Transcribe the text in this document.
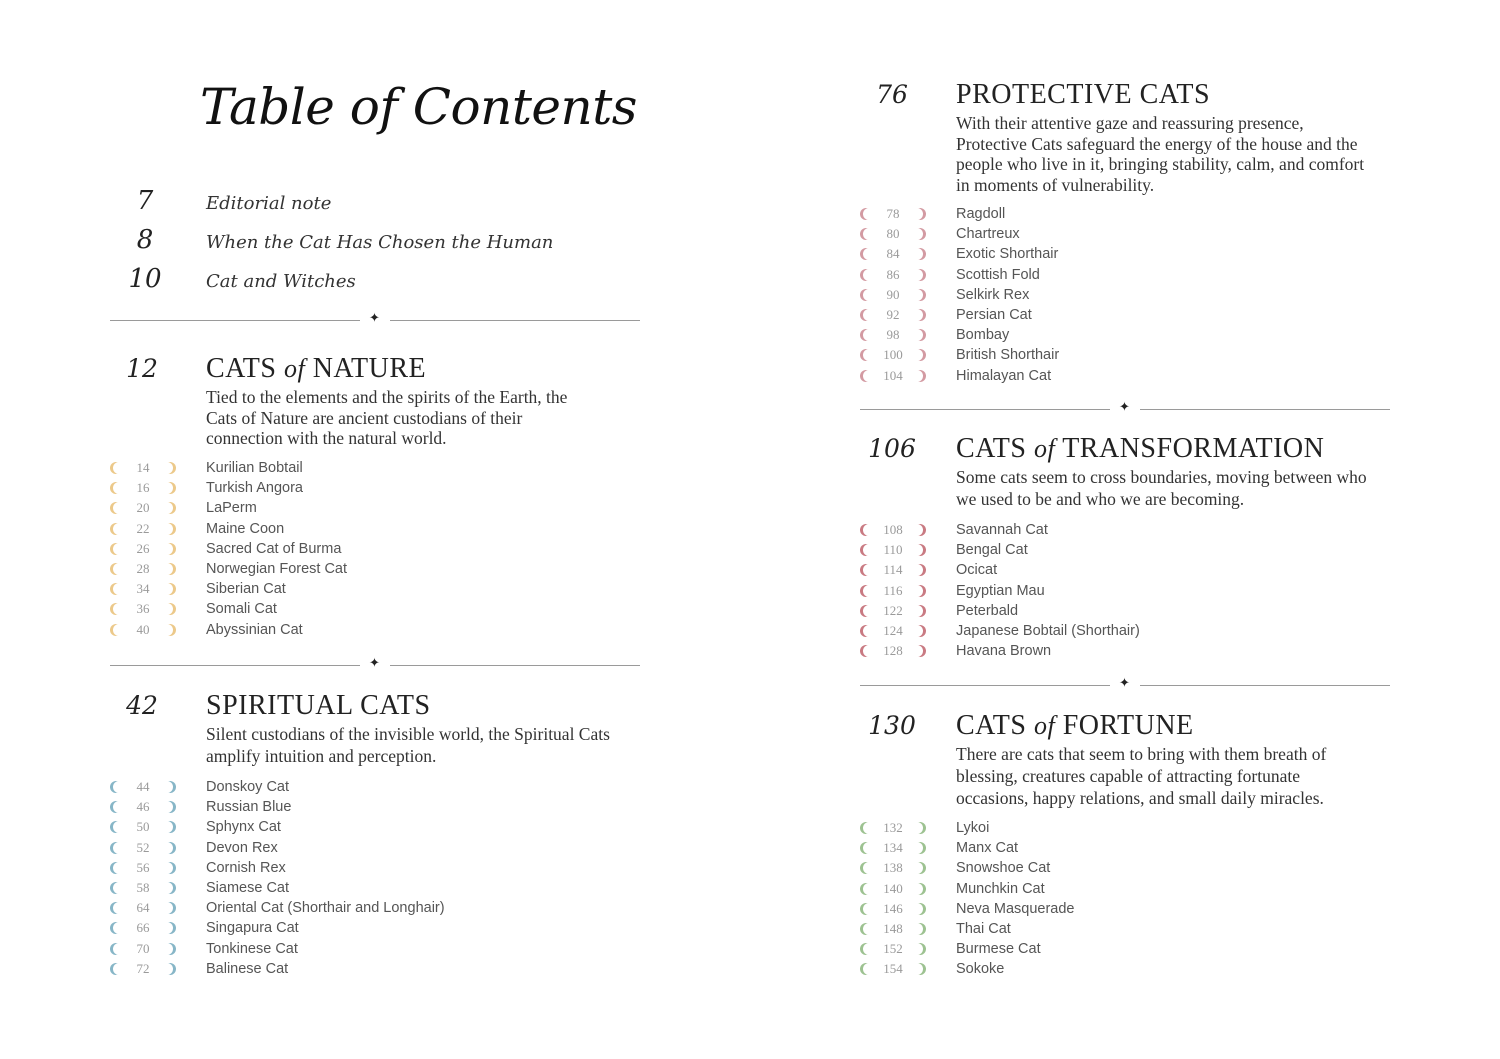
Table of Contents
7	Editorial note
8	When the Cat Has Chosen the Human
10	Cat and Witches
✦
12	CATS of NATURE

Tied to the elements and the spirits of the Earth, the Cats of Nature are ancient custodians of their connection with the natural world.

14	Kurilian Bobtail
16	Turkish Angora
20	LaPerm
22	Maine Coon
26	Sacred Cat of Burma
28	Norwegian Forest Cat
34	Siberian Cat
36	Somali Cat
40	Abyssinian Cat
✦
42	SPIRITUAL CATS

Silent custodians of the invisible world, the Spiritual Cats amplify intuition and perception.

44	Donskoy Cat
46	Russian Blue
50	Sphynx Cat
52	Devon Rex
56	Cornish Rex
58	Siamese Cat
64	Oriental Cat (Shorthair and Longhair)
66	Singapura Cat
70	Tonkinese Cat
72	Balinese Cat
76	PROTECTIVE CATS

With their attentive gaze and reassuring presence, Protective Cats safeguard the energy of the house and the people who live in it, bringing stability, calm, and comfort in moments of vulnerability.

78	Ragdoll
80	Chartreux
84	Exotic Shorthair
86	Scottish Fold
90	Selkirk Rex
92	Persian Cat
98	Bombay
100	British Shorthair
104	Himalayan Cat
✦
106 CATS of TRANSFORMATION

Some cats seem to cross boundaries, moving between who we used to be and who we are becoming.

108	Savannah Cat
110	Bengal Cat
114	Ocicat
116	Egyptian Mau
122	Peterbald
124	Japanese Bobtail (Shorthair)
128	Havana Brown
✦
130 CATS of FORTUNE

There are cats that seem to bring with them breath of blessing, creatures capable of attracting fortunate occasions, happy relations, and small daily miracles.

132	Lykoi
134	Manx Cat
138	Snowshoe Cat
140	Munchkin Cat
146	Neva Masquerade
148	Thai Cat
152	Burmese Cat
154	Sokoke
